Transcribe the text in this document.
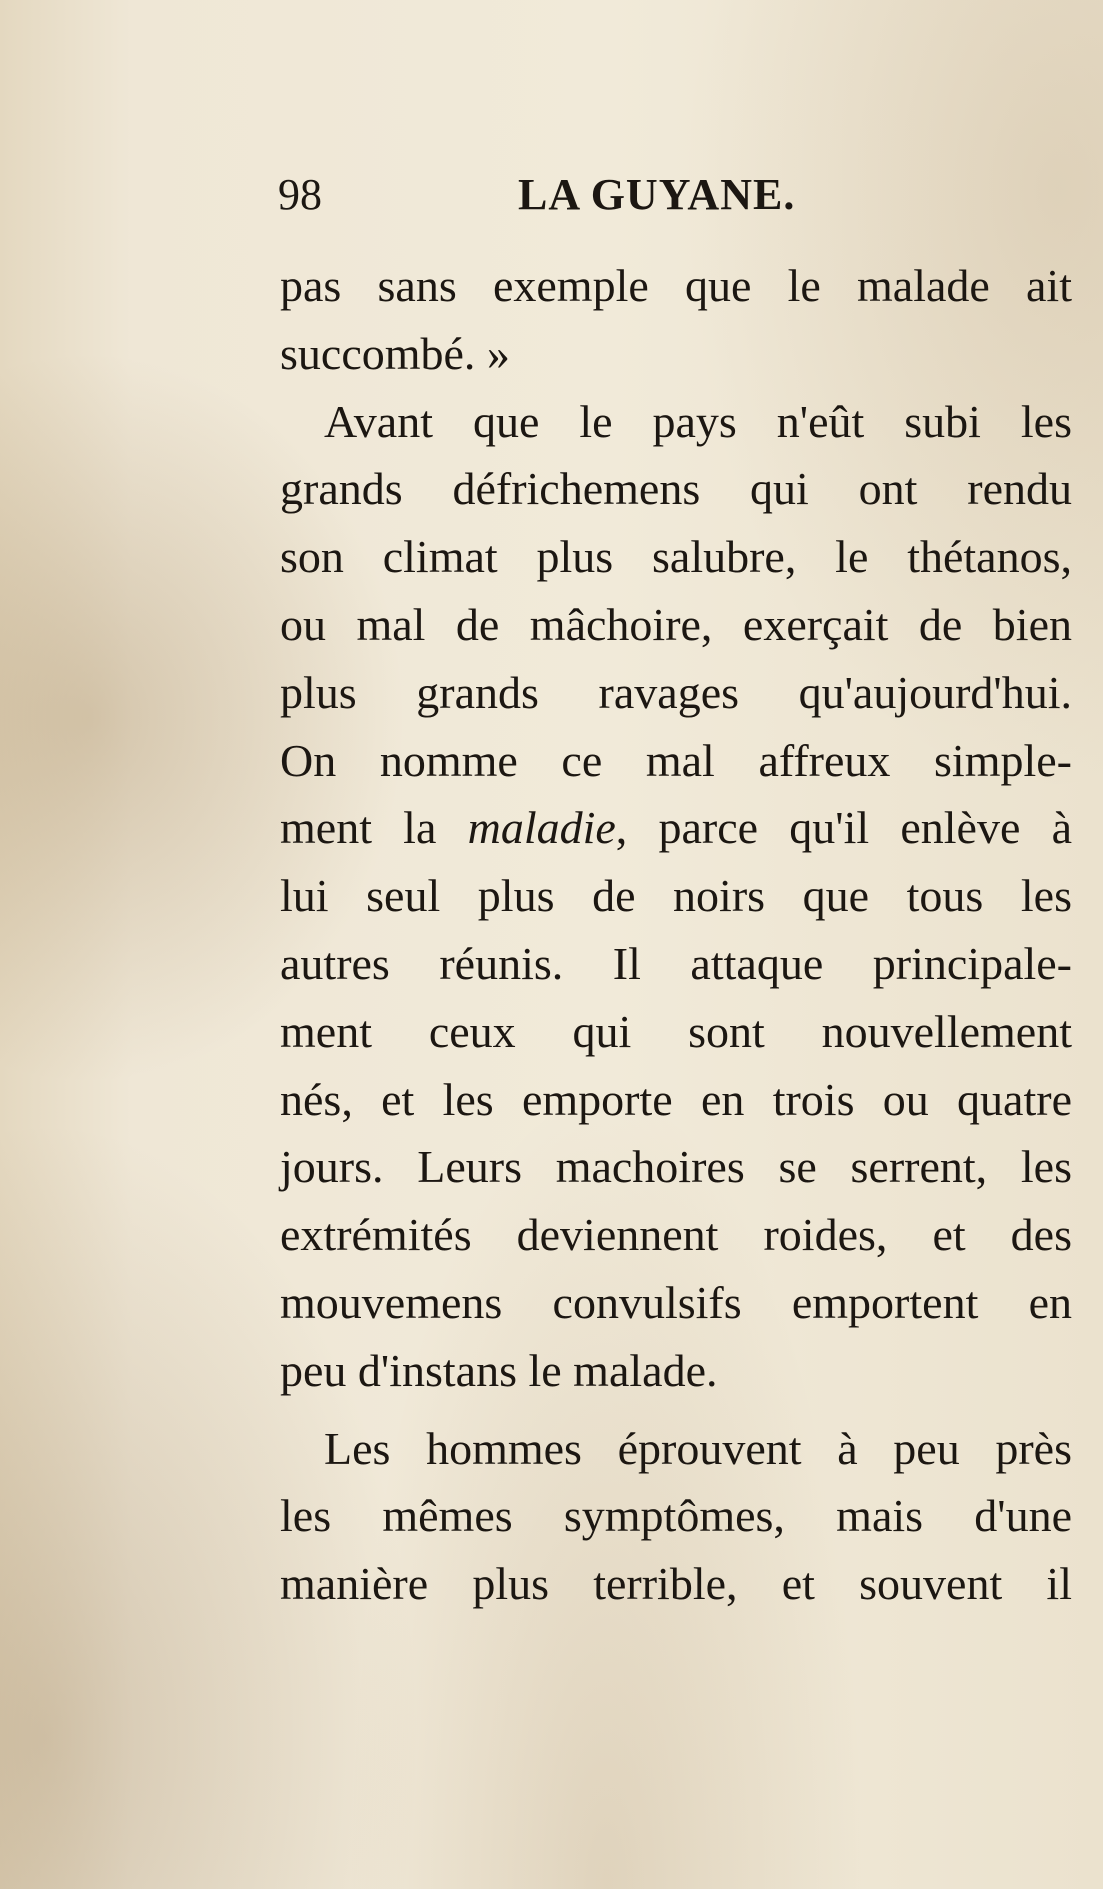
98	LA GUYANE.
pas sans exemple que le malade ait
succombé. »
Avant que le pays n'eût subi les
grands défrichemens qui ont rendu
son climat plus salubre, le thétanos,
ou mal de mâchoire, exerçait de bien
plus grands ravages qu'aujourd'hui.
On nomme ce mal affreux simple-
ment la maladie, parce qu'il enlève à
lui seul plus de noirs que tous les
autres réunis. Il attaque principale-
ment ceux qui sont nouvellement
nés, et les emporte en trois ou quatre
jours. Leurs machoires se serrent, les
extrémités deviennent roides, et des
mouvemens convulsifs emportent en
peu d'instans le malade.
Les hommes éprouvent à peu près
les mêmes symptômes, mais d'une
manière plus terrible, et souvent il
